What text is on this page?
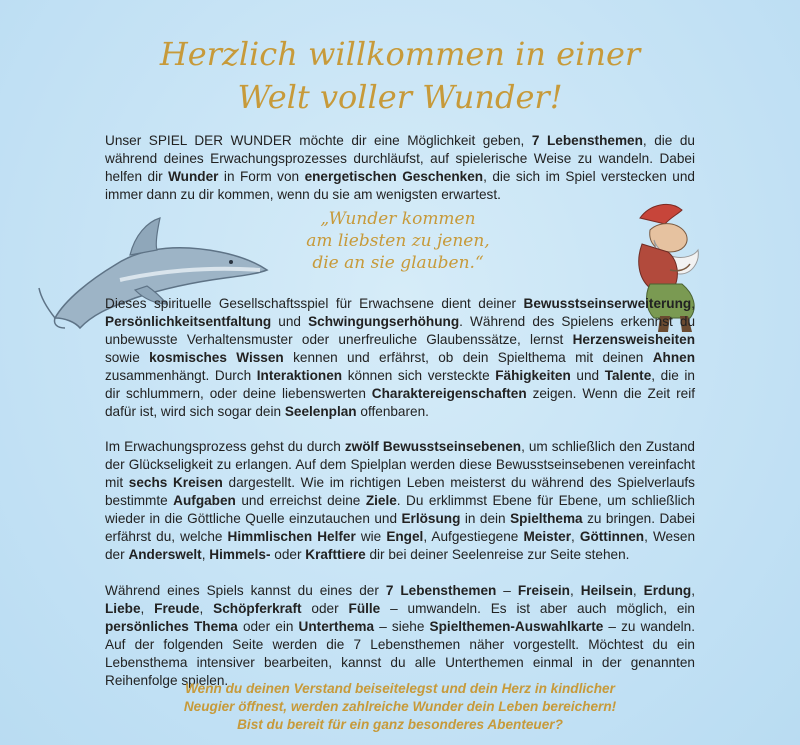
Herzlich willkommen in einer
Welt voller Wunder!

Unser SPIEL DER WUNDER möchte dir eine Möglichkeit geben, 7 Lebensthemen, die du während deines Erwachungsprozesses durchläufst, auf spielerische Weise zu wandeln. Dabei helfen dir Wunder in Form von energetischen Geschenken, die sich im Spiel verstecken und immer dann zu dir kommen, wenn du sie am wenigsten erwartest.

„Wunder kommen
am liebsten zu jenen,
die an sie glauben.“

Dieses spirituelle Gesellschaftsspiel für Erwachsene dient deiner Bewusstseinserweiterung, Persönlichkeitsentfaltung und Schwingungserhöhung. Während des Spielens erkennst du unbewusste Verhaltensmuster oder unerfreuliche Glaubenssätze, lernst Herzensweisheiten sowie kosmisches Wissen kennen und erfährst, ob dein Spielthema mit deinen Ahnen zusammenhängt. Durch Interaktionen können sich versteckte Fähigkeiten und Talente, die in dir schlummern, oder deine liebenswerten Charaktereigenschaften zeigen. Wenn die Zeit reif dafür ist, wird sich sogar dein Seelenplan offenbaren.

Im Erwachungsprozess gehst du durch zwölf Bewusstseinsebenen, um schließlich den Zustand der Glückseligkeit zu erlangen. Auf dem Spielplan werden diese Bewusstseinsebenen vereinfacht mit sechs Kreisen dargestellt. Wie im richtigen Leben meisterst du während des Spielverlaufs bestimmte Aufgaben und erreichst deine Ziele. Du erklimmst Ebene für Ebene, um schließlich wieder in die Göttliche Quelle einzutauchen und Erlösung in dein Spielthema zu bringen. Dabei erfährst du, welche Himmlischen Helfer wie Engel, Aufgestiegene Meister, Göttinnen, Wesen der Anderswelt, Himmels- oder Krafttiere dir bei deiner Seelenreise zur Seite stehen.

Während eines Spiels kannst du eines der 7 Lebensthemen – Freisein, Heilsein, Erdung, Liebe, Freude, Schöpferkraft oder Fülle – umwandeln. Es ist aber auch möglich, ein persönliches Thema oder ein Unterthema – siehe Spielthemen-Auswahlkarte – zu wandeln. Auf der folgenden Seite werden die 7 Lebensthemen näher vorgestellt. Möchtest du ein Lebensthema intensiver bearbeiten, kannst du alle Unterthemen einmal in der genannten Reihenfolge spielen.

Wenn du deinen Verstand beiseitelegst und dein Herz in kindlicher
Neugier öffnest, werden zahlreiche Wunder dein Leben bereichern!
Bist du bereit für ein ganz besonderes Abenteuer?
